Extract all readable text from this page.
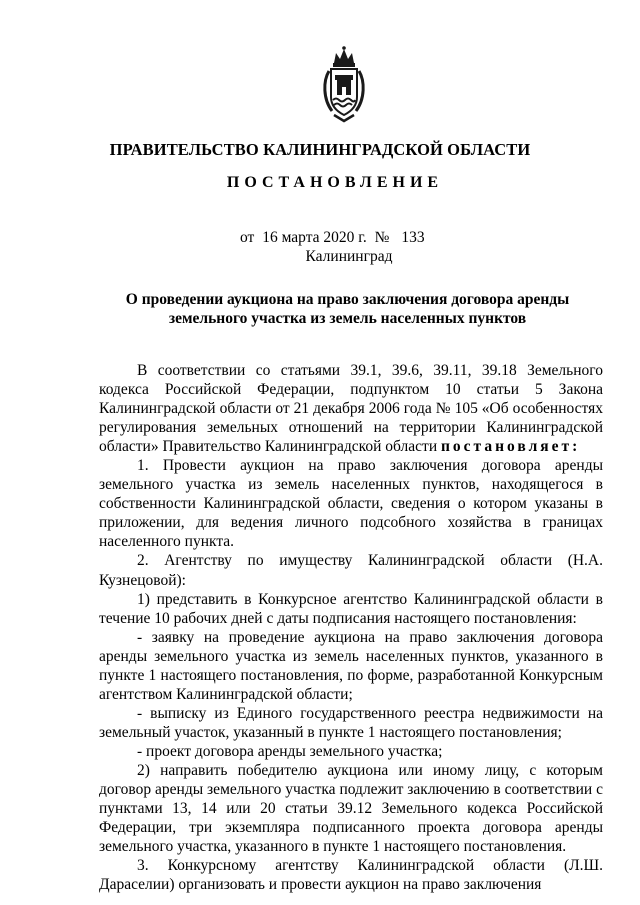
ПРАВИТЕЛЬСТВО КАЛИНИНГРАДСКОЙ ОБЛАСТИ
ПОСТАНОВЛЕНИЕ
от 16 марта 2020 г. № 133
Калининград
О проведении аукциона на право заключения договора аренды
земельного участка из земель населенных пунктов

В соответствии со статьями 39.1, 39.6, 39.11, 39.18 Земельного кодекса Российской Федерации, подпунктом 10 статьи 5 Закона Калининградской области от 21 декабря 2006 года № 105 «Об особенностях регулирования земельных отношений на территории Калининградской области» Правительство Калининградской области постановляет:

1. Провести аукцион на право заключения договора аренды земельного участка из земель населенных пунктов, находящегося в собственности Калининградской области, сведения о котором указаны в приложении, для ведения личного подсобного хозяйства в границах населенного пункта.

2. Агентству по имуществу Калининградской области (Н.А. Кузнецовой):

1) представить в Конкурсное агентство Калининградской области в течение 10 рабочих дней с даты подписания настоящего постановления:

- заявку на проведение аукциона на право заключения договора аренды земельного участка из земель населенных пунктов, указанного в пункте 1 настоящего постановления, по форме, разработанной Конкурсным агентством Калининградской области;

- выписку из Единого государственного реестра недвижимости на земельный участок, указанный в пункте 1 настоящего постановления;

- проект договора аренды земельного участка;

2) направить победителю аукциона или иному лицу, с которым договор аренды земельного участка подлежит заключению в соответствии с пунктами 13, 14 или 20 статьи 39.12 Земельного кодекса Российской Федерации, три экземпляра подписанного проекта договора аренды земельного участка, указанного в пункте 1 настоящего постановления.

3. Конкурсному агентству Калининградской области (Л.Ш. Дараселии) организовать и провести аукцион на право заключения
